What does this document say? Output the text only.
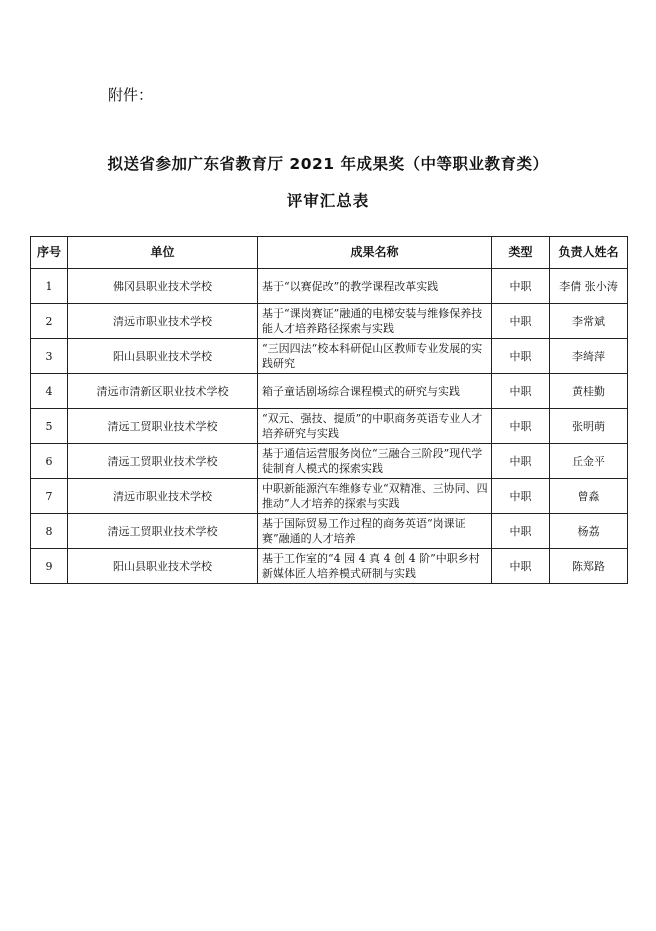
附件：
拟送省参加广东省教育厅 2021 年成果奖（中等职业教育类）
评审汇总表
序号	单位	成果名称	类型	负责人姓名
1	佛冈县职业技术学校	基于“以赛促改”的教学课程改革实践	中职	李倩 张小涛
2	清远市职业技术学校	基于“课岗赛证”融通的电梯安装与维修保养技能人才培养路径探索与实践	中职	李常斌
3	阳山县职业技术学校	“三因四法“校本科研促山区教师专业发展的实践研究	中职	李绮萍
4	清远市清新区职业技术学校	箱子童话剧场综合课程模式的研究与实践	中职	黄桂勤
5	清远工贸职业技术学校	“双元、强技、提质”的中职商务英语专业人才培养研究与实践	中职	张明萌
6	清远工贸职业技术学校	基于通信运营服务岗位“三融合三阶段”现代学徒制育人模式的探索实践	中职	丘金平
7	清远市职业技术学校	中职新能源汽车维修专业“双精准、三协同、四推动”人才培养的探索与实践	中职	曾淼
8	清远工贸职业技术学校	基于国际贸易工作过程的商务英语“岗课证赛”融通的人才培养	中职	杨荔
9	阳山县职业技术学校	基于工作室的“4 园 4 真 4 创 4 阶”中职乡村新媒体匠人培养模式研制与实践	中职	陈郑路
